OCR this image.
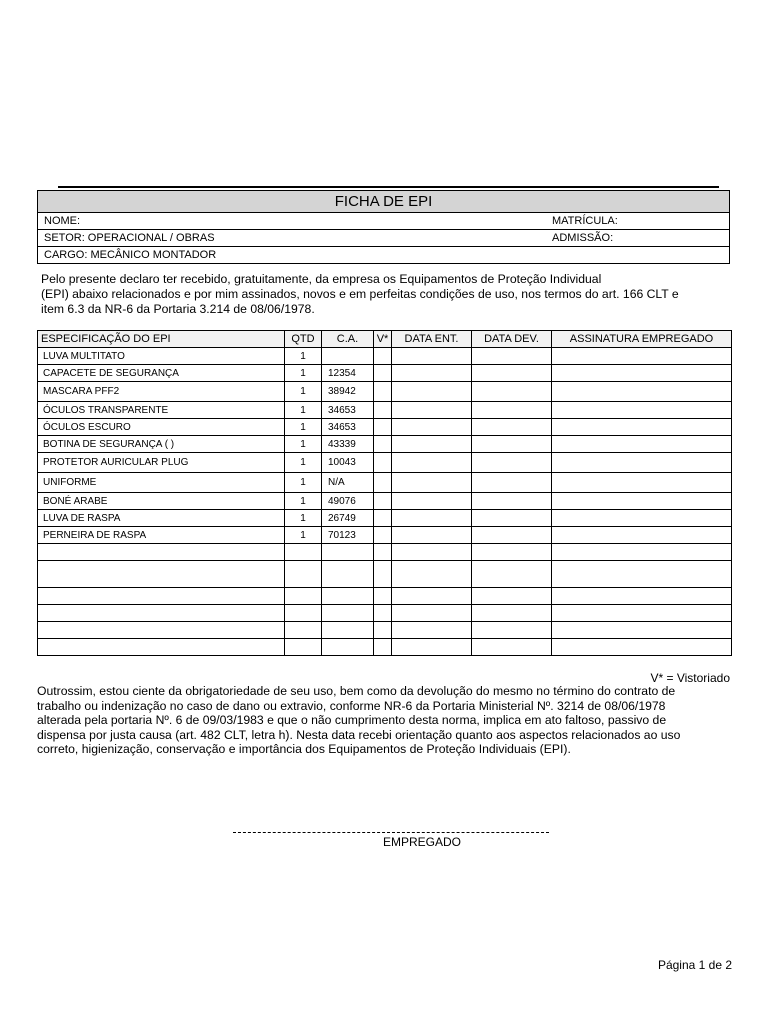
FICHA DE EPI
NOME:	MATRÍCULA:
SETOR: OPERACIONAL / OBRAS	ADMISSÃO:
CARGO: MECÂNICO MONTADOR
Pelo presente declaro ter recebido, gratuitamente, da empresa os Equipamentos de Proteção Individual
(EPI) abaixo relacionados e por mim assinados, novos e em perfeitas condições de uso, nos termos do art. 166 CLT e
item 6.3 da NR-6 da Portaria 3.214 de 08/06/1978.
ESPECIFICAÇÃO DO EPI	QTD	C.A.	V*	DATA ENT.	DATA DEV.	ASSINATURA EMPREGADO
LUVA MULTITATO	1					
CAPACETE DE SEGURANÇA	1	12354				
MASCARA PFF2	1	38942				
ÓCULOS TRANSPARENTE	1	34653				
ÓCULOS ESCURO	1	34653				
BOTINA DE SEGURANÇA ( )	1	43339				
PROTETOR AURICULAR PLUG	1	10043				
UNIFORME	1	N/A				
BONÉ ARABE	1	49076				
LUVA DE RASPA	1	26749				
PERNEIRA DE RASPA	1	70123				

V* = Vistoriado
Outrossim, estou ciente da obrigatoriedade de seu uso, bem como da devolução do mesmo no término do contrato de
trabalho ou indenização no caso de dano ou extravio, conforme NR-6 da Portaria Ministerial Nº. 3214 de 08/06/1978
alterada pela portaria Nº. 6 de 09/03/1983 e que o não cumprimento desta norma, implica em ato faltoso, passivo de
dispensa por justa causa (art. 482 CLT, letra h). Nesta data recebi orientação quanto aos aspectos relacionados ao uso
correto, higienização, conservação e importância dos Equipamentos de Proteção Individuais (EPI).
EMPREGADO
Página 1 de 2
